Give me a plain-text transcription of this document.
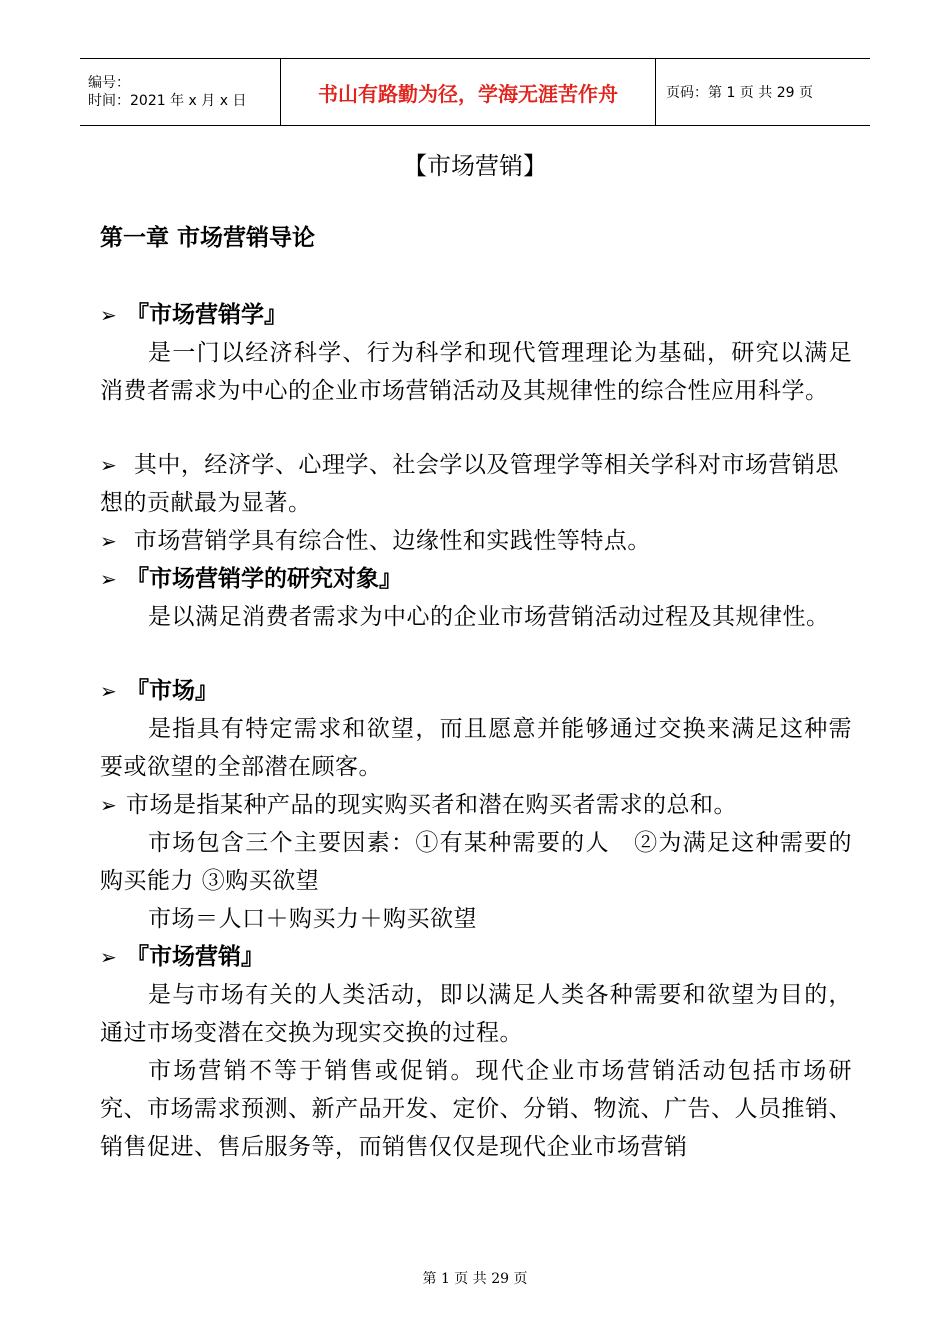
编号：
时间：2021 年 x 月 x 日	书山有路勤为径，学海无涯苦作舟	页码：第 1 页 共 29 页
【市场营销】
第一章 市场营销导论
➢ 『市场营销学』

是一门以经济科学、行为科学和现代管理理论为基础，研究以满足消费者需求为中心的企业市场营销活动及其规律性的综合性应用科学。

➢ 其中，经济学、心理学、社会学以及管理学等相关学科对市场营销思想的贡献最为显著。

➢ 市场营销学具有综合性、边缘性和实践性等特点。

➢ 『市场营销学的研究对象』

是以满足消费者需求为中心的企业市场营销活动过程及其规律性。

➢ 『市场』

是指具有特定需求和欲望，而且愿意并能够通过交换来满足这种需要或欲望的全部潜在顾客。

➢ 市场是指某种产品的现实购买者和潜在购买者需求的总和。

市场包含三个主要因素：①有某种需要的人　②为满足这种需要的购买能力 ③购买欲望

市场＝人口＋购买力＋购买欲望

➢ 『市场营销』

是与市场有关的人类活动，即以满足人类各种需要和欲望为目的，通过市场变潜在交换为现实交换的过程。

市场营销不等于销售或促销。现代企业市场营销活动包括市场研究、市场需求预测、新产品开发、定价、分销、物流、广告、人员推销、销售促进、售后服务等，而销售仅仅是现代企业市场营销

第 1 页 共 29 页
